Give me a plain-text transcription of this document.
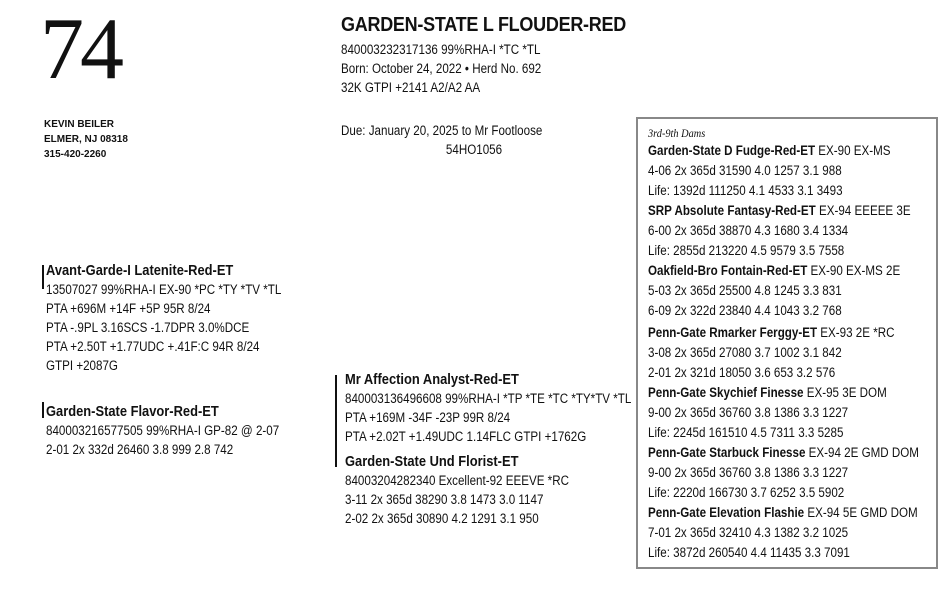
74
KEVIN BEILER
ELMER, NJ 08318
315-420-2260
GARDEN-STATE L FLOUDER-RED
840003232317136 99%RHA-I *TC *TL
Born: October 24, 2022 • Herd No. 692
32K GTPI +2141 A2/A2 AA
Due: January 20, 2025 to Mr Footloose
54HO1056
Avant-Garde-I Latenite-Red-ET
13507027 99%RHA-I EX-90 *PC *TY *TV *TL
PTA +696M +14F +5P 95R 8/24
PTA -.9PL 3.16SCS -1.7DPR 3.0%DCE
PTA +2.50T +1.77UDC +.41F:C 94R 8/24
GTPI +2087G
Garden-State Flavor-Red-ET
840003216577505 99%RHA-I GP-82 @ 2-07
2-01 2x 332d 26460 3.8 999 2.8 742
Mr Affection Analyst-Red-ET
840003136496608 99%RHA-I *TP *TE *TC *TY*TV *TL
PTA +169M -34F -23P 99R 8/24
PTA +2.02T +1.49UDC 1.14FLC GTPI +1762G
Garden-State Und Florist-ET
84003204282340 Excellent-92 EEEVE *RC
3-11 2x 365d 38290 3.8 1473 3.0 1147
2-02 2x 365d 30890 4.2 1291 3.1 950
3rd-9th Dams
Garden-State D Fudge-Red-ET EX-90 EX-MS
4-06 2x 365d 31590 4.0 1257 3.1 988
Life: 1392d 111250 4.1 4533 3.1 3493
SRP Absolute Fantasy-Red-ET EX-94 EEEEE 3E
6-00 2x 365d 38870 4.3 1680 3.4 1334
Life: 2855d 213220 4.5 9579 3.5 7558
Oakfield-Bro Fontain-Red-ET EX-90 EX-MS 2E
5-03 2x 365d 25500 4.8 1245 3.3 831
6-09 2x 322d 23840 4.4 1043 3.2 768
Penn-Gate Rmarker Ferggy-ET EX-93 2E *RC
3-08 2x 365d 27080 3.7 1002 3.1 842
2-01 2x 321d 18050 3.6 653 3.2 576
Penn-Gate Skychief Finesse EX-95 3E DOM
9-00 2x 365d 36760 3.8 1386 3.3 1227
Life: 2245d 161510 4.5 7311 3.3 5285
Penn-Gate Starbuck Finesse EX-94 2E GMD DOM
9-00 2x 365d 36760 3.8 1386 3.3 1227
Life: 2220d 166730 3.7 6252 3.5 5902
Penn-Gate Elevation Flashie EX-94 5E GMD DOM
7-01 2x 365d 32410 4.3 1382 3.2 1025
Life: 3872d 260540 4.4 11435 3.3 7091
